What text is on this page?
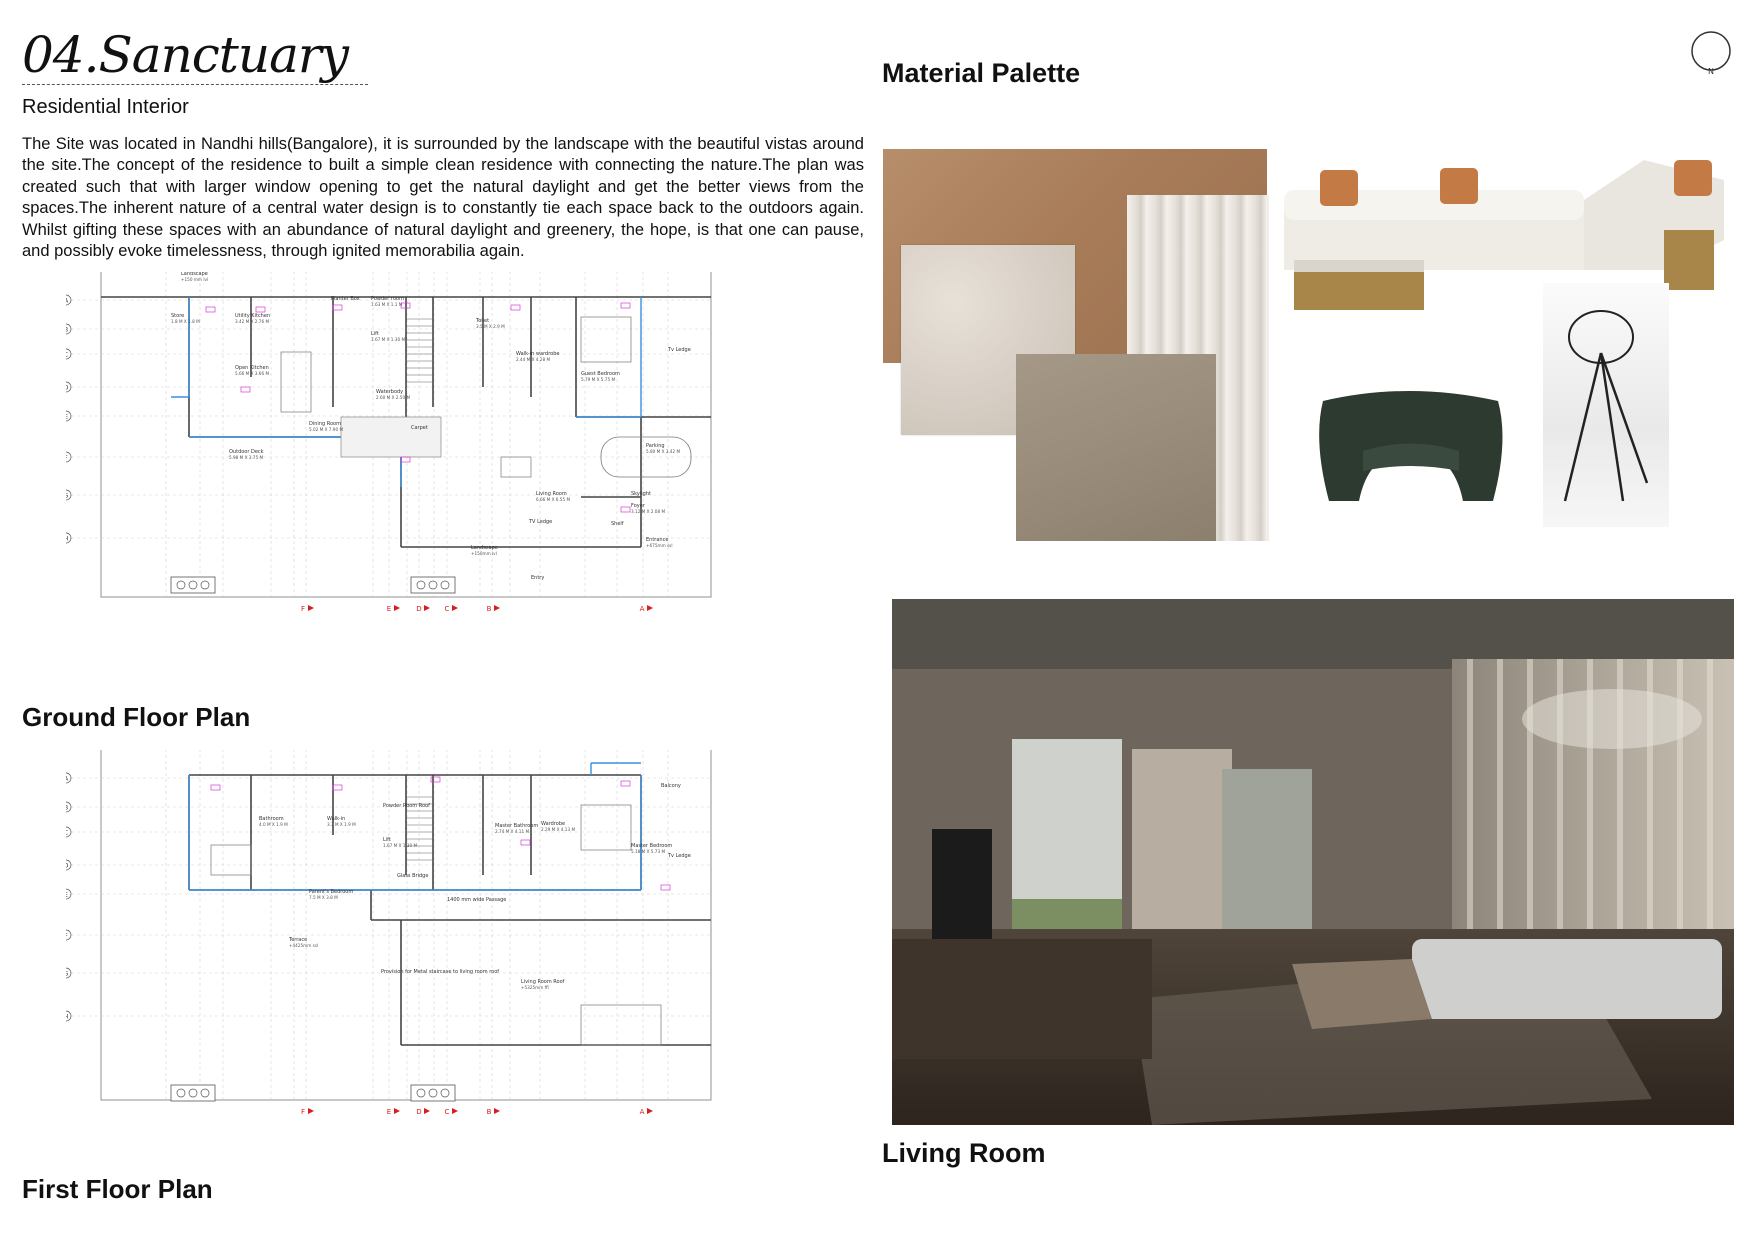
04.Sanctuary
Residential Interior
The Site was located in Nandhi hills(Bangalore), it is surrounded by the landscape with the beautiful vistas around the site.The concept of the residence to built a simple clean residence with connecting the nature.The plan was created such that with larger window opening to get the natural daylight and get the better views from the spaces.The inherent nature of a central water design is to constantly tie each space back to the outdoors again. Whilst gifting these spaces with an abundance of natural daylight and greenery, the hope, is that one can pause, and possibly evoke timelessness, through ignited memorabilia again.
F	E	D	C	B	A
Landscape
+150 mm lvl
Planter Box
Store
1.8 M X 1.8 M
Utility Kitchen
3.42 M X 2.76 M
Powder room
1.63 M X 1.1 M
Toilet
3.5 M X 2.9 M
Lift
1.67 M X 1.30 M
Open Kitchen
5.66 M X 3.66 M
Walk-in wardrobe
2.44 M X 4.28 M
Guest Bedroom
5.79 M X 5.75 M
Waterbody
2.60 M X 2.50 M
Dining Room
5.02 M X 7.90 M	Carpet
Outdoor Deck
5.98 M X 3.75 M
Parking
5.80 M X 3.42 M
Living Room
6.66 M X 6.55 M
Skylight
Foyer
3.12 M X 2.08 M
TV Ledge	Shelf
Entrance
+675mm ssl
Landscape
+150mm lvl
Entry
Tv Ledge
Ground Floor Plan
F	E	D	C	B	A
Bathroom
4.0 M X 1.9 M
Walk-in
3.3 M X 1.9 M
Powder Room Roof
Lift
1.67 M X 1.30 M
Master Bathroom
2.74 M X 4.11 M
Wardrobe
2.29 M X 4.13 M
Master Bedroom
5.18 M X 5.73 M
Balcony
Parent's Bedroom
7.5 M X 3.8 M
Glass Bridge
1400 mm wide Passage
Terrace
+4425mm ssl
Provision for Metal staircase to living room roof
Living Room Roof
+5325mm ffl
Tv Ledge
First Floor Plan
Material Palette	N
Living Room
